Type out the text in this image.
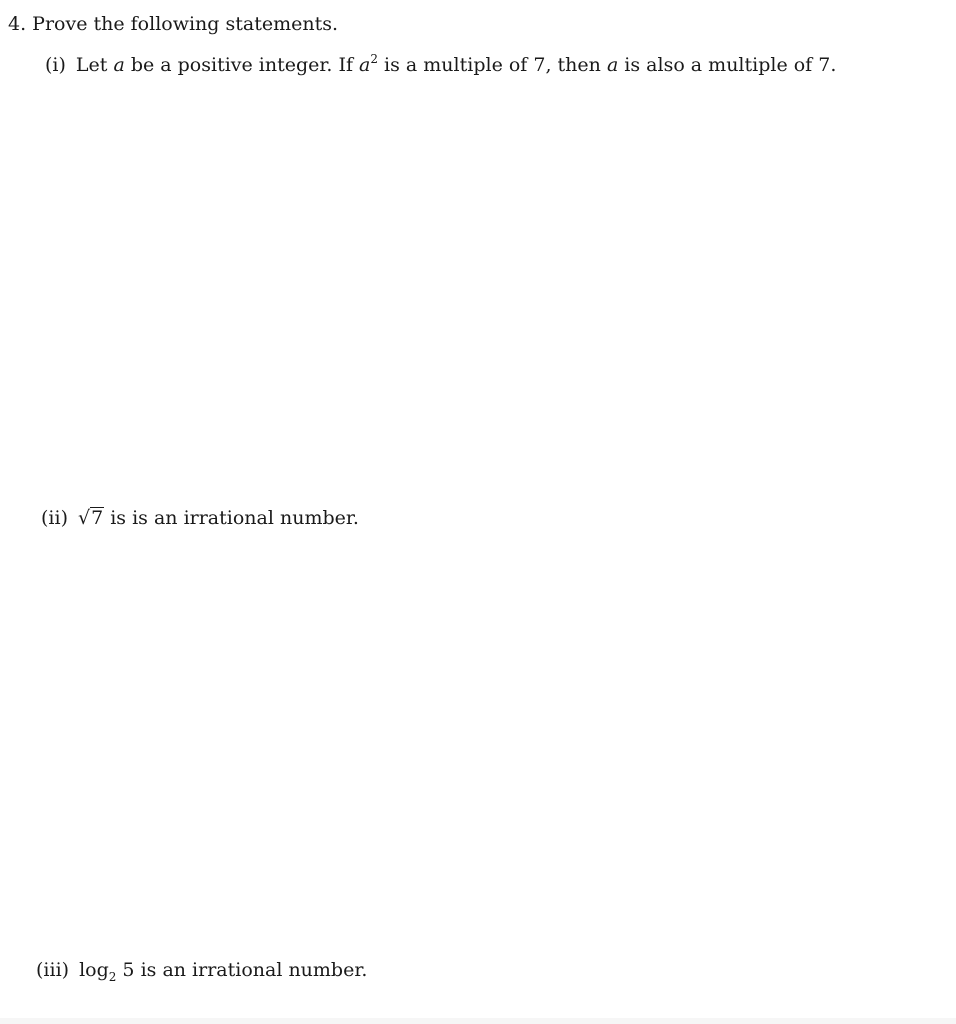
4. Prove the following statements.
(i) Let a be a positive integer. If $a^2$ is a multiple of 7, then a is also a multiple of 7.
(ii) √7 is is an irrational number.
(iii) $\log_2 5$ is an irrational number.
